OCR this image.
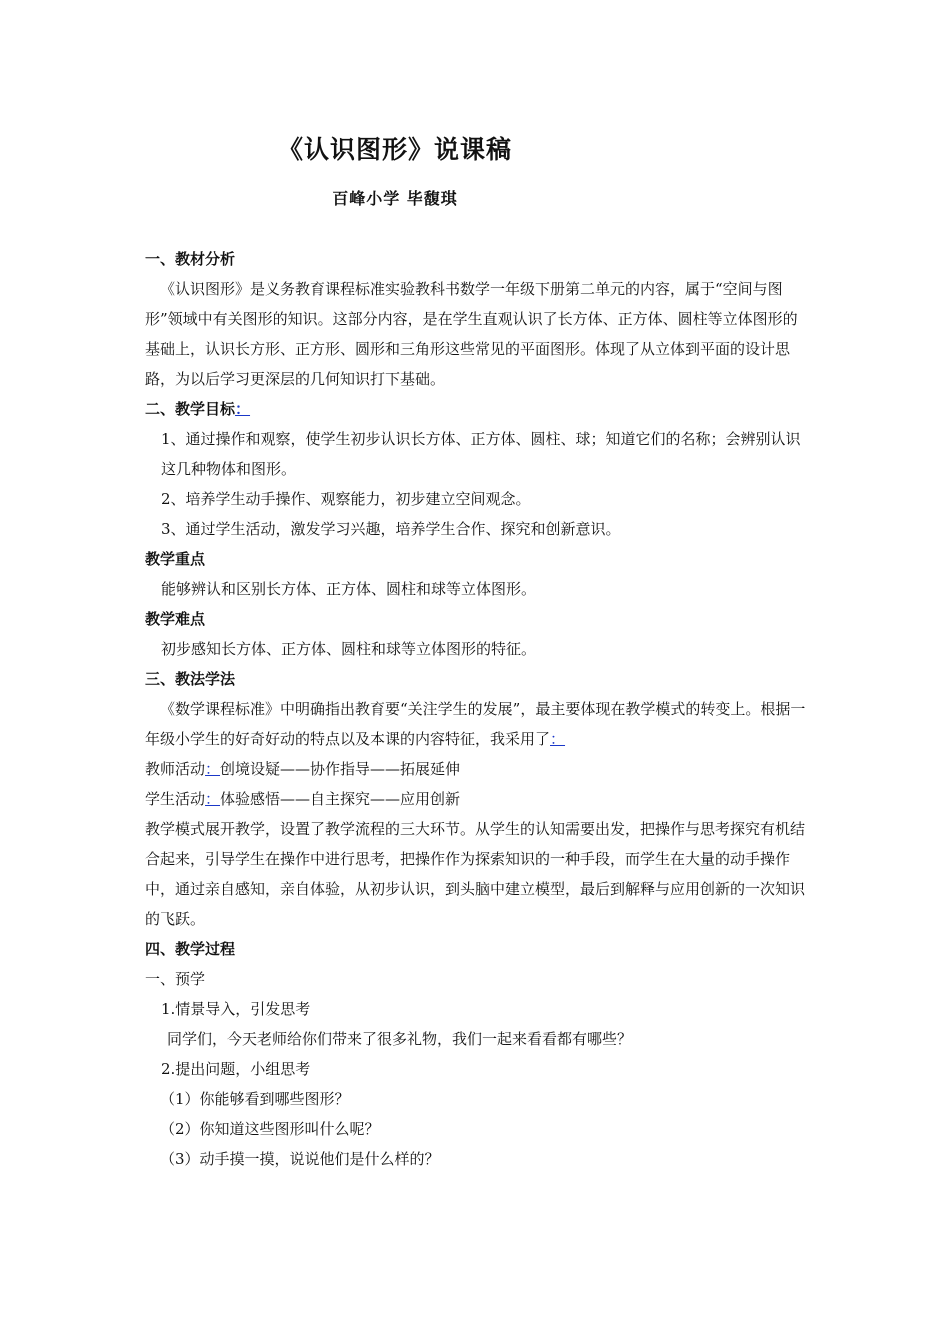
《认识图形》说课稿
百峰小学 毕馥琪

一、教材分析

《认识图形》是义务教育课程标准实验教科书数学一年级下册第二单元的内容，属于“空间与图形”领域中有关图形的知识。这部分内容，是在学生直观认识了长方体、正方体、圆柱等立体图形的基础上，认识长方形、正方形、圆形和三角形这些常见的平面图形。体现了从立体到平面的设计思路，为以后学习更深层的几何知识打下基础。

二、教学目标：

1、通过操作和观察，使学生初步认识长方体、正方体、圆柱、球；知道它们的名称；会辨别认识这几种物体和图形。

2、培养学生动手操作、观察能力，初步建立空间观念。

3、通过学生活动，激发学习兴趣，培养学生合作、探究和创新意识。

教学重点

能够辨认和区别长方体、正方体、圆柱和球等立体图形。

教学难点

初步感知长方体、正方体、圆柱和球等立体图形的特征。

三、教法学法

《数学课程标准》中明确指出教育要“关注学生的发展”，最主要体现在教学模式的转变上。根据一年级小学生的好奇好动的特点以及本课的内容特征，我采用了：

教师活动：创境设疑——协作指导——拓展延伸

学生活动：体验感悟——自主探究——应用创新

教学模式展开教学，设置了教学流程的三大环节。从学生的认知需要出发，把操作与思考探究有机结合起来，引导学生在操作中进行思考，把操作作为探索知识的一种手段，而学生在大量的动手操作中，通过亲自感知，亲自体验，从初步认识，到头脑中建立模型，最后到解释与应用创新的一次知识的飞跃。

四、教学过程

一、预学

1.情景导入，引发思考

同学们，今天老师给你们带来了很多礼物，我们一起来看看都有哪些？

2.提出问题，小组思考

（1）你能够看到哪些图形？

（2）你知道这些图形叫什么呢？

（3）动手摸一摸，说说他们是什么样的？
